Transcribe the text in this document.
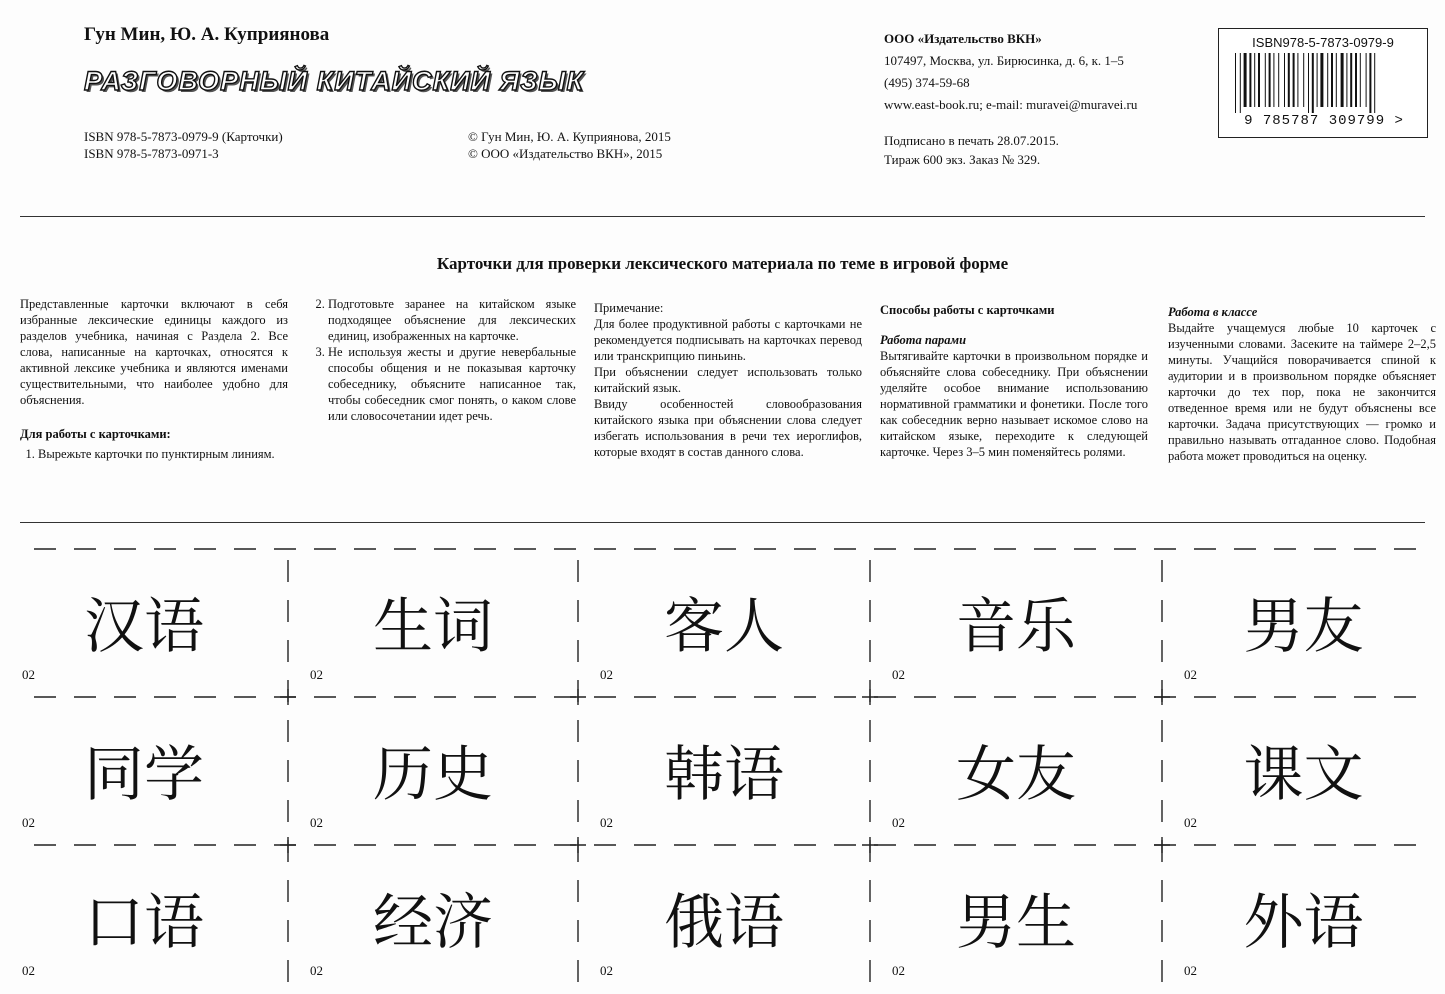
Гун Мин, Ю. А. Куприянова
РАЗГОВОРНЫЙ КИТАЙСКИЙ ЯЗЫК
ISBN 978-5-7873-0979-9 (Карточки)
ISBN 978-5-7873-0971-3
© Гун Мин, Ю. А. Куприянова, 2015
© ООО «Издательство ВКН», 2015
ООО «Издательство ВКН»
107497, Москва, ул. Бирюсинка, д. 6, к. 1–5
(495) 374-59-68
www.east-book.ru; e-mail: muravei@muravei.ru
Подписано в печать 28.07.2015.
Тираж 600 экз. Заказ № 329.
ISBN978-5-7873-0979-9
9 785787 309799 >
Карточки для проверки лексического материала по теме в игровой форме

Представленные карточки включают в себя избранные лексические единицы каждого из разделов учебника, начиная с Раздела 2. Все слова, написанные на карточках, относятся к активной лексике учебника и являются именами существительными, что наиболее удобно для объяснения.

Для работы с карточками:

1. Вырежьте карточки по пунктирным линиям.
2. Подготовьте заранее на китайском языке подходящее объяснение для лексических единиц, изображенных на карточке.
3. Не используя жесты и другие невербальные способы общения и не показывая карточку собеседнику, объясните написанное так, чтобы собеседник смог понять, о каком слове или словосочетании идет речь.

Примечание:

Для более продуктивной работы с карточками не рекомендуется подписывать на карточках перевод или транскрипцию пиньинь.

При объяснении следует использовать только китайский язык.

Ввиду особенностей словообразования китайского языка при объяснении слова следует избегать использования в речи тех иероглифов, которые входят в состав данного слова.

Способы работы с карточками

Работа парами

Вытягивайте карточки в произвольном порядке и объясняйте слова собеседнику. При объяснении уделяйте особое внимание использованию нормативной грамматики и фонетики. После того как собеседник верно называет искомое слово на китайском языке, переходите к следующей карточке. Через 3–5 мин поменяйтесь ролями.

Работа в классе

Выдайте учащемуся любые 10 карточек с изученными словами. Засеките на таймере 2–2,5 минуты. Учащийся поворачивается спиной к аудитории и в произвольном порядке объясняет карточки до тех пор, пока не закончится отведенное время или не будут объяснены все карточки. Задача присутствующих — громко и правильно называть отгаданное слово. Подобная работа может проводиться на оценку.

汉语
02
生词
02
客人
02
音乐
02
男友
02
同学
02
历史
02
韩语
02
女友
02
课文
02
口语
02
经济
02
俄语
02
男生
02
外语
02
